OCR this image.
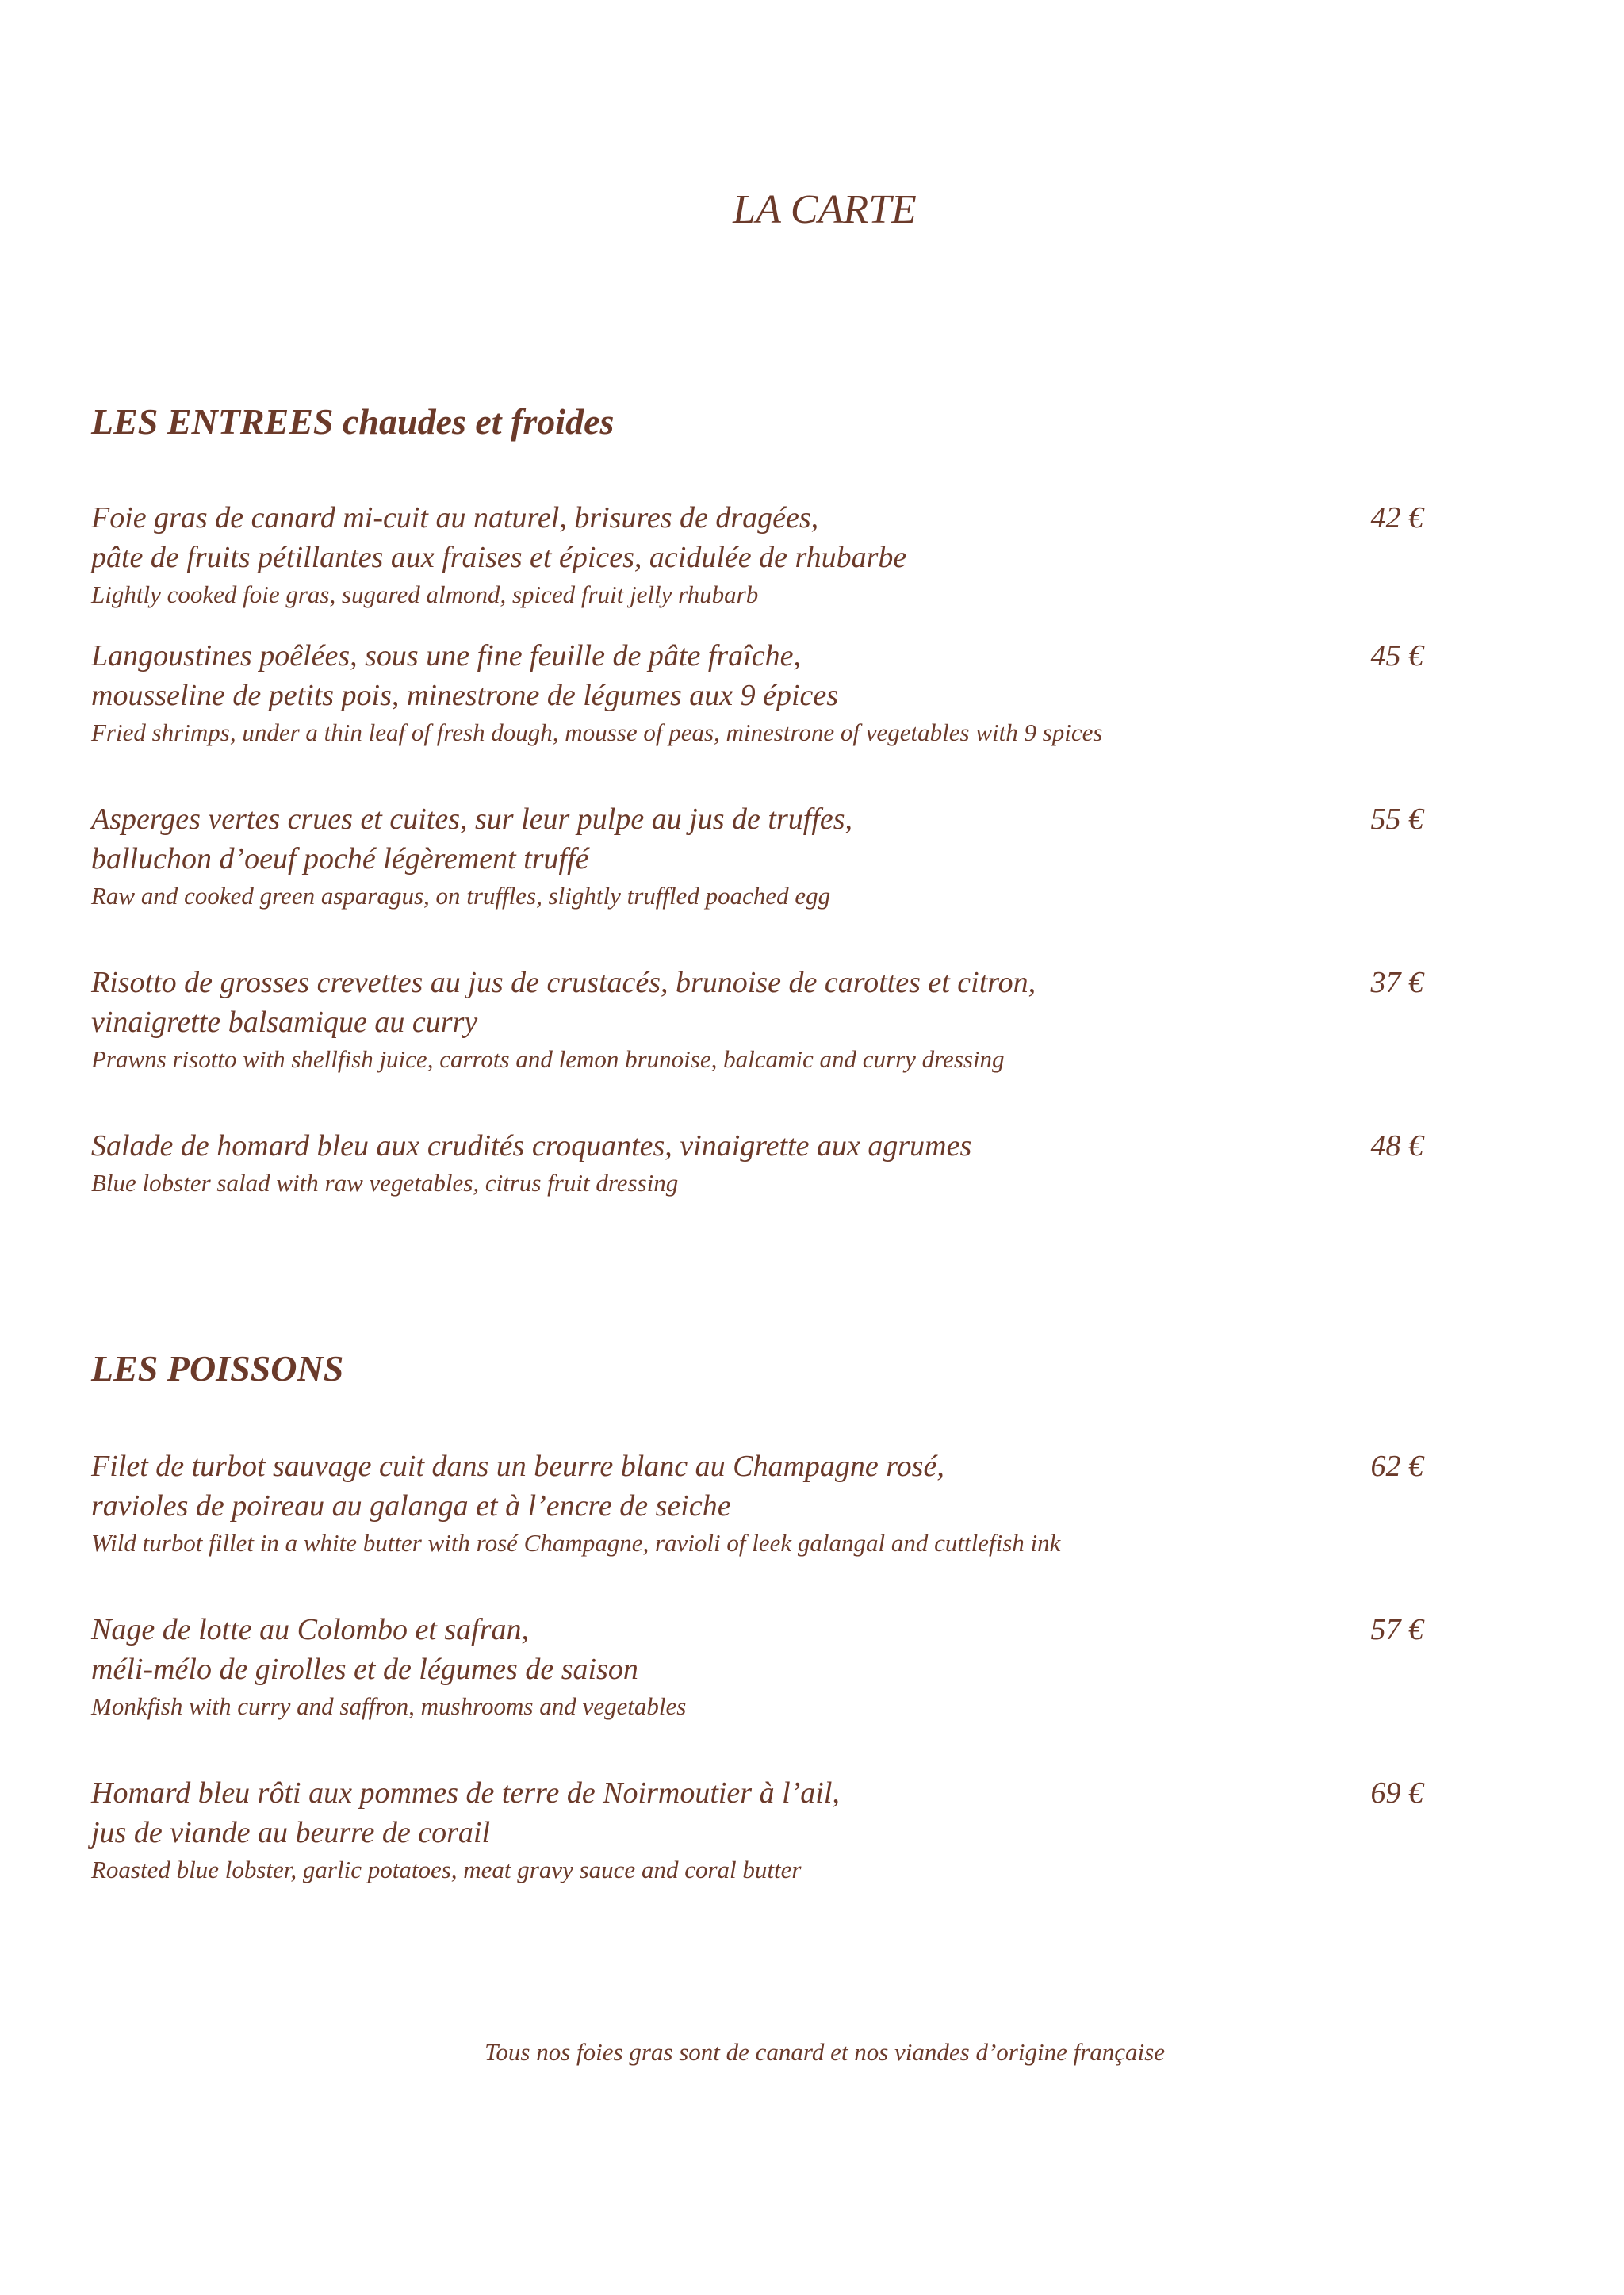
LA CARTE
LES ENTREES chaudes et froides
Foie gras de canard mi-cuit au naturel, brisures de dragées,
pâte de fruits pétillantes aux fraises et épices, acidulée de rhubarbe
Lightly cooked foie gras, sugared almond, spiced fruit jelly rhubarb
42 €
Langoustines poêlées, sous une fine feuille de pâte fraîche,
mousseline de petits pois, minestrone de légumes aux 9 épices
Fried shrimps, under a thin leaf of fresh dough, mousse of peas, minestrone of vegetables with 9 spices
45 €
Asperges vertes crues et cuites, sur leur pulpe au jus de truffes,
balluchon d’oeuf poché légèrement truffé
Raw and cooked green asparagus, on truffles, slightly truffled poached egg
55 €
Risotto de grosses crevettes au jus de crustacés, brunoise de carottes et citron,
vinaigrette balsamique au curry
Prawns risotto with shellfish juice, carrots and lemon brunoise, balcamic and curry dressing
37 €
Salade de homard bleu aux crudités croquantes, vinaigrette aux agrumes
Blue lobster salad with raw vegetables, citrus fruit dressing
48 €
LES POISSONS
Filet de turbot sauvage cuit dans un beurre blanc au Champagne rosé,
ravioles de poireau au galanga et à l’encre de seiche
Wild turbot fillet in a white butter with rosé Champagne, ravioli of leek galangal and cuttlefish ink
62 €
Nage de lotte au Colombo et safran,
méli-mélo de girolles et de légumes de saison
Monkfish with curry and saffron, mushrooms and vegetables
57 €
Homard bleu rôti aux pommes de terre de Noirmoutier à l’ail,
jus de viande au beurre de corail
Roasted blue lobster, garlic potatoes, meat gravy sauce and coral butter
69 €
Tous nos foies gras sont de canard et nos viandes d’origine française
